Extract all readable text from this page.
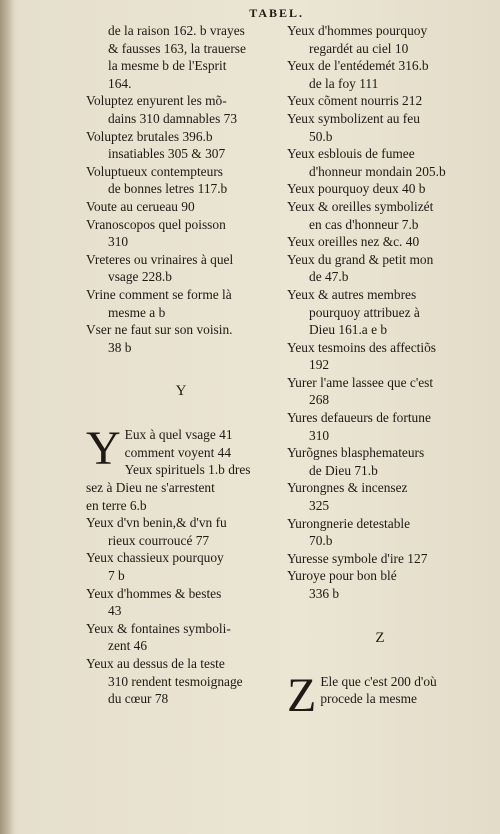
TABEL.
de la raison 162. b vrayes
& fausses 163, la trauerse
la mesme b de l'Esprit
164.
Voluptez enyurent les mõ-
dains 310 damnables 73
Voluptez brutales 396.b
insatiables 305 & 307
Voluptueux contempteurs
de bonnes letres 117.b
Voute au cerueau 90
Vranoscopos quel poisson
310
Vreteres ou vrinaires à quel
vsage 228.b
Vrine comment se forme là
mesme a b
Vser ne faut sur son voisin.
38 b
Y
Y Eux à quel vsage 41
comment voyent 44
Yeux spirituels 1.b dres
sez à Dieu ne s'arrestent
en terre 6.b
Yeux d'vn benin,& d'vn fu
rieux courroucé 77
Yeux chassieux pourquoy
7 b
Yeux d'hommes & bestes
43
Yeux & fontaines symboli-
zent 46
Yeux au dessus de la teste
310 rendent tesmoignage
du cœur 78
Yeux d'hommes pourquoy
regardét au ciel 10
Yeux de l'entédemét 316.b
de la foy 111
Yeux cõment nourris 212
Yeux symbolizent au feu
50.b
Yeux esblouis de fumee
d'honneur mondain 205.b
Yeux pourquoy deux 40 b
Yeux & oreilles symbolizét
en cas d'honneur 7.b
Yeux oreilles nez &c. 40
Yeux du grand & petit mon
de 47.b
Yeux & autres membres
pourquoy attribuez à
Dieu 161.a e b
Yeux tesmoins des affectiõs
192
Yurer l'ame lassee que c'est
268
Yures defaueurs de fortune
310
Yurõgnes blasphemateurs
de Dieu 71.b
Yurongnes & incensez
325
Yurongnerie detestable
70.b
Yuresse symbole d'ire 127
Yuroye pour bon blé
336 b
Z
Z Ele que c'est 200 d'où
procede la mesme
